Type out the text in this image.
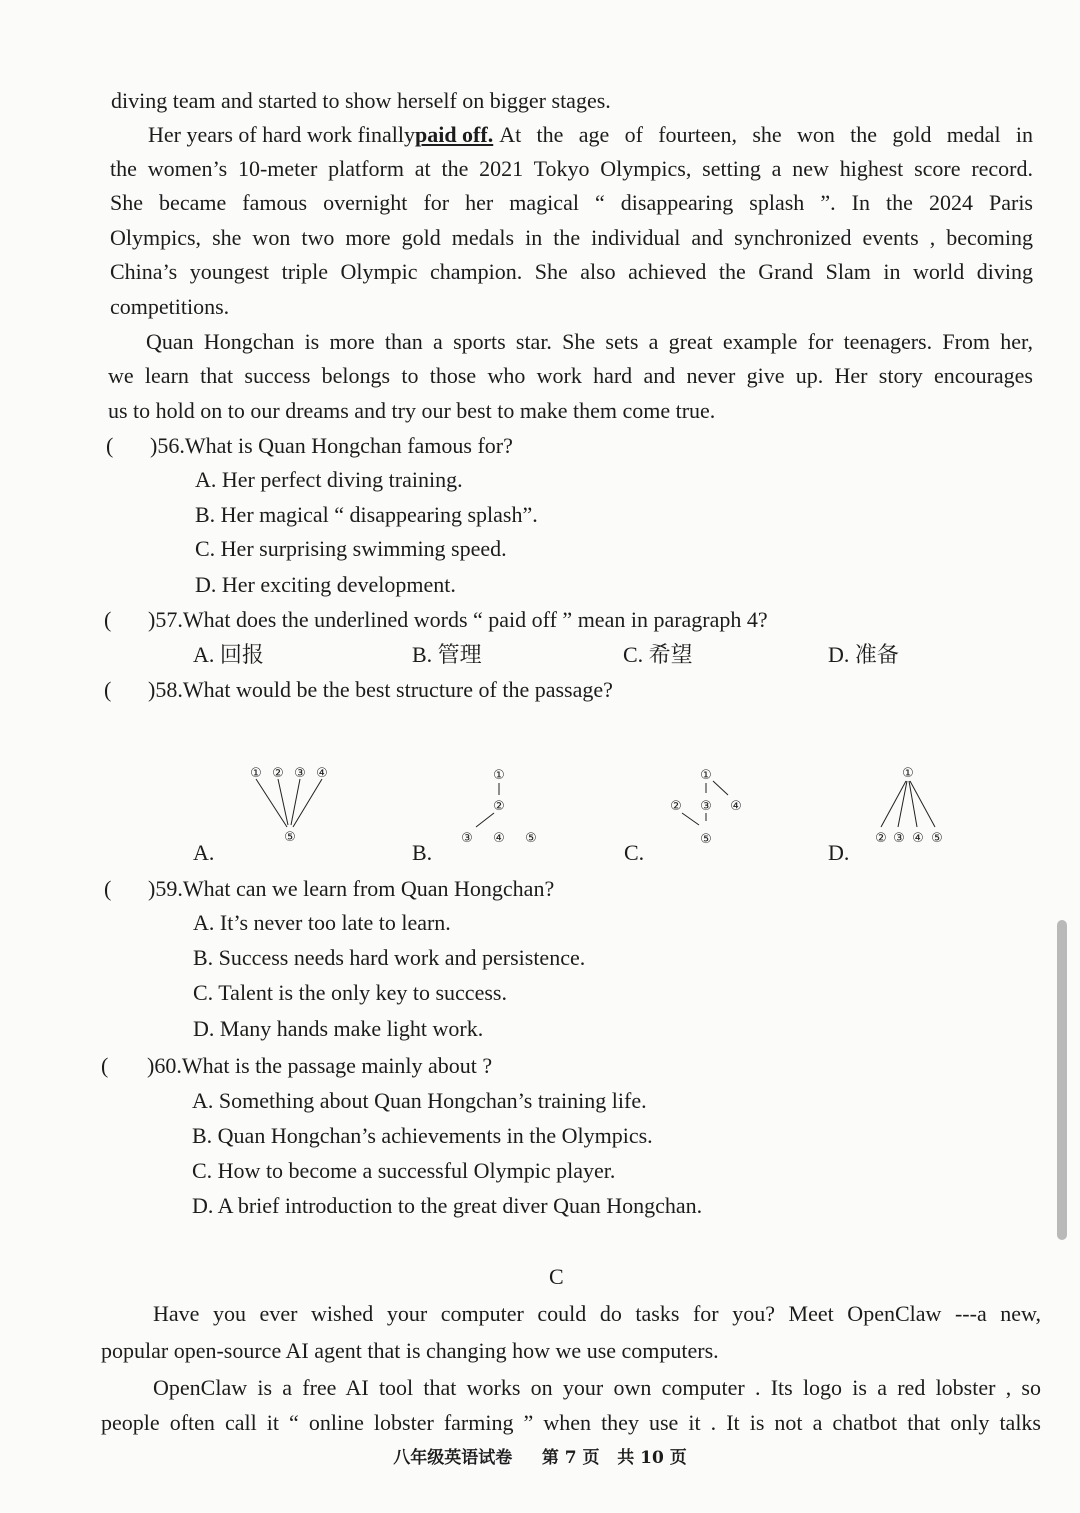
diving team and started to show herself on bigger stages.
Her years of hard work finally paid off. At the age of fourteen, she won the gold medal in
the women’s 10-meter platform at the 2021 Tokyo Olympics, setting a new highest score record.
She became famous overnight for her magical “ disappearing splash ”. In the 2024 Paris
Olympics, she won two more gold medals in the individual and synchronized events , becoming
China’s youngest triple Olympic champion. She also achieved the Grand Slam in world diving
competitions.
Quan Hongchan is more than a sports star. She sets a great example for teenagers. From her,
we learn that success belongs to those who work hard and never give up. Her story encourages
us to hold on to our dreams and try our best to make them come true.
( )56.What is Quan Hongchan famous for?
A. Her perfect diving training.
B. Her magical “ disappearing splash”.
C. Her surprising swimming speed.
D. Her exciting development.
( )57.What does the underlined words “ paid off ” mean in paragraph 4?
A. 回报	B. 管理	C. 希望	D. 准备
( )58.What would be the best structure of the passage?
A.	B.	C.	D.
① ② ③ ④
⑤
①
②
③ ④ ⑤
①
② ③ ④
⑤
①
② ③ ④ ⑤
( )59.What can we learn from Quan Hongchan?
A. It’s never too late to learn.
B. Success needs hard work and persistence.
C. Talent is the only key to success.
D. Many hands make light work.
( )60.What is the passage mainly about ?
A. Something about Quan Hongchan’s training life.
B. Quan Hongchan’s achievements in the Olympics.
C. How to become a successful Olympic player.
D. A brief introduction to the great diver Quan Hongchan.
C
Have you ever wished your computer could do tasks for you? Meet OpenClaw ---a new,
popular open-source AI agent that is changing how we use computers.
OpenClaw is a free AI tool that works on your own computer . Its logo is a red lobster , so
people often call it “ online lobster farming ” when they use it . It is not a chatbot that only talks
八年级英语试卷 第 7 页 共 10 页
